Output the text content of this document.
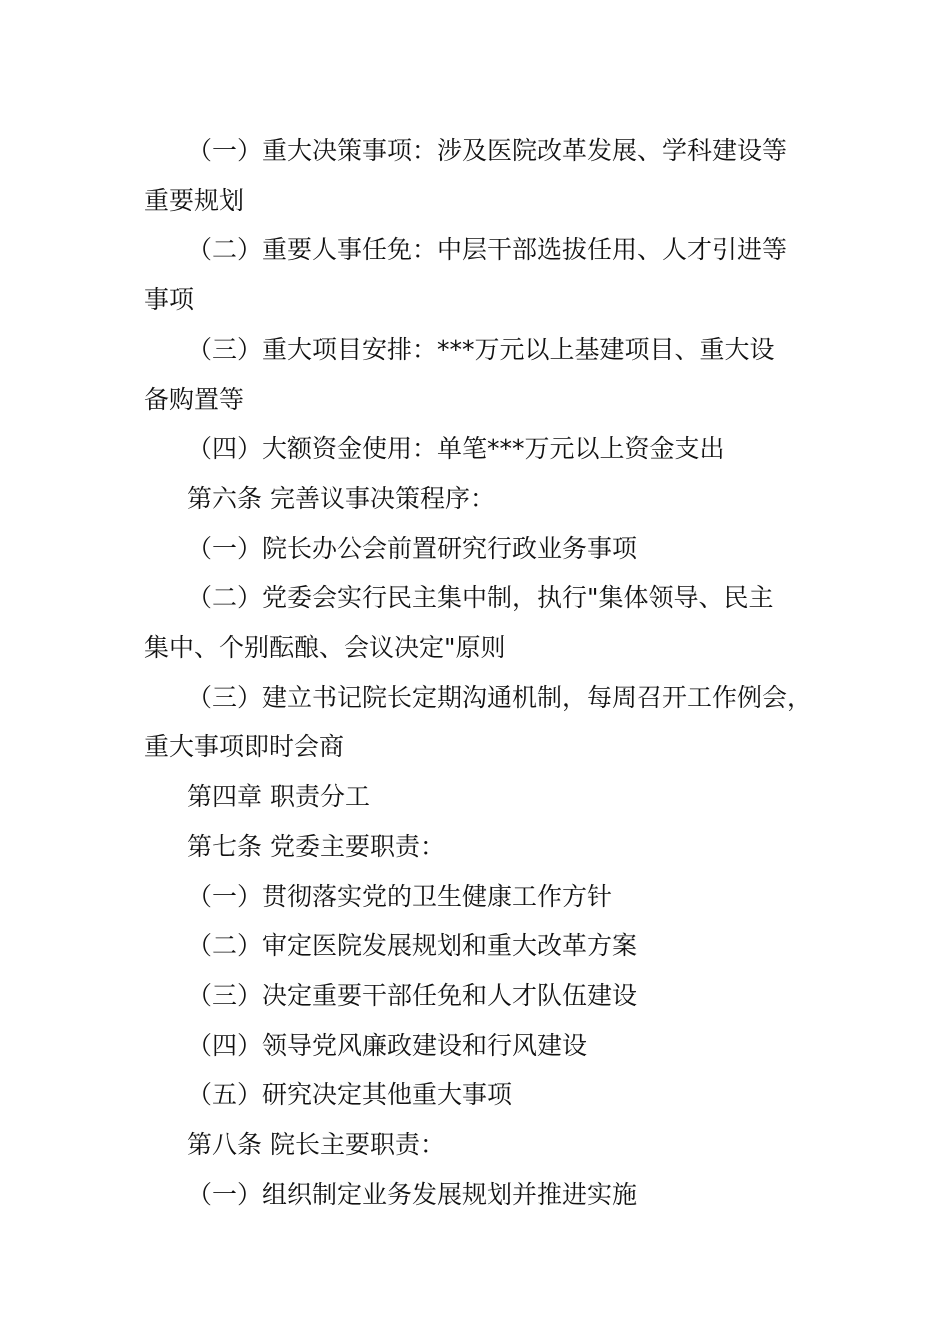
（一）重大决策事项：涉及医院改革发展、学科建设等
重要规划
（二）重要人事任免：中层干部选拔任用、人才引进等
事项
（三）重大项目安排：***万元以上基建项目、重大设
备购置等
（四）大额资金使用：单笔***万元以上资金支出
第六条 完善议事决策程序：
（一）院长办公会前置研究行政业务事项
（二）党委会实行民主集中制，执行"集体领导、民主
集中、个别酝酿、会议决定"原则
（三）建立书记院长定期沟通机制，每周召开工作例会，
重大事项即时会商
第四章 职责分工
第七条 党委主要职责：
（一）贯彻落实党的卫生健康工作方针
（二）审定医院发展规划和重大改革方案
（三）决定重要干部任免和人才队伍建设
（四）领导党风廉政建设和行风建设
（五）研究决定其他重大事项
第八条 院长主要职责：
（一）组织制定业务发展规划并推进实施
